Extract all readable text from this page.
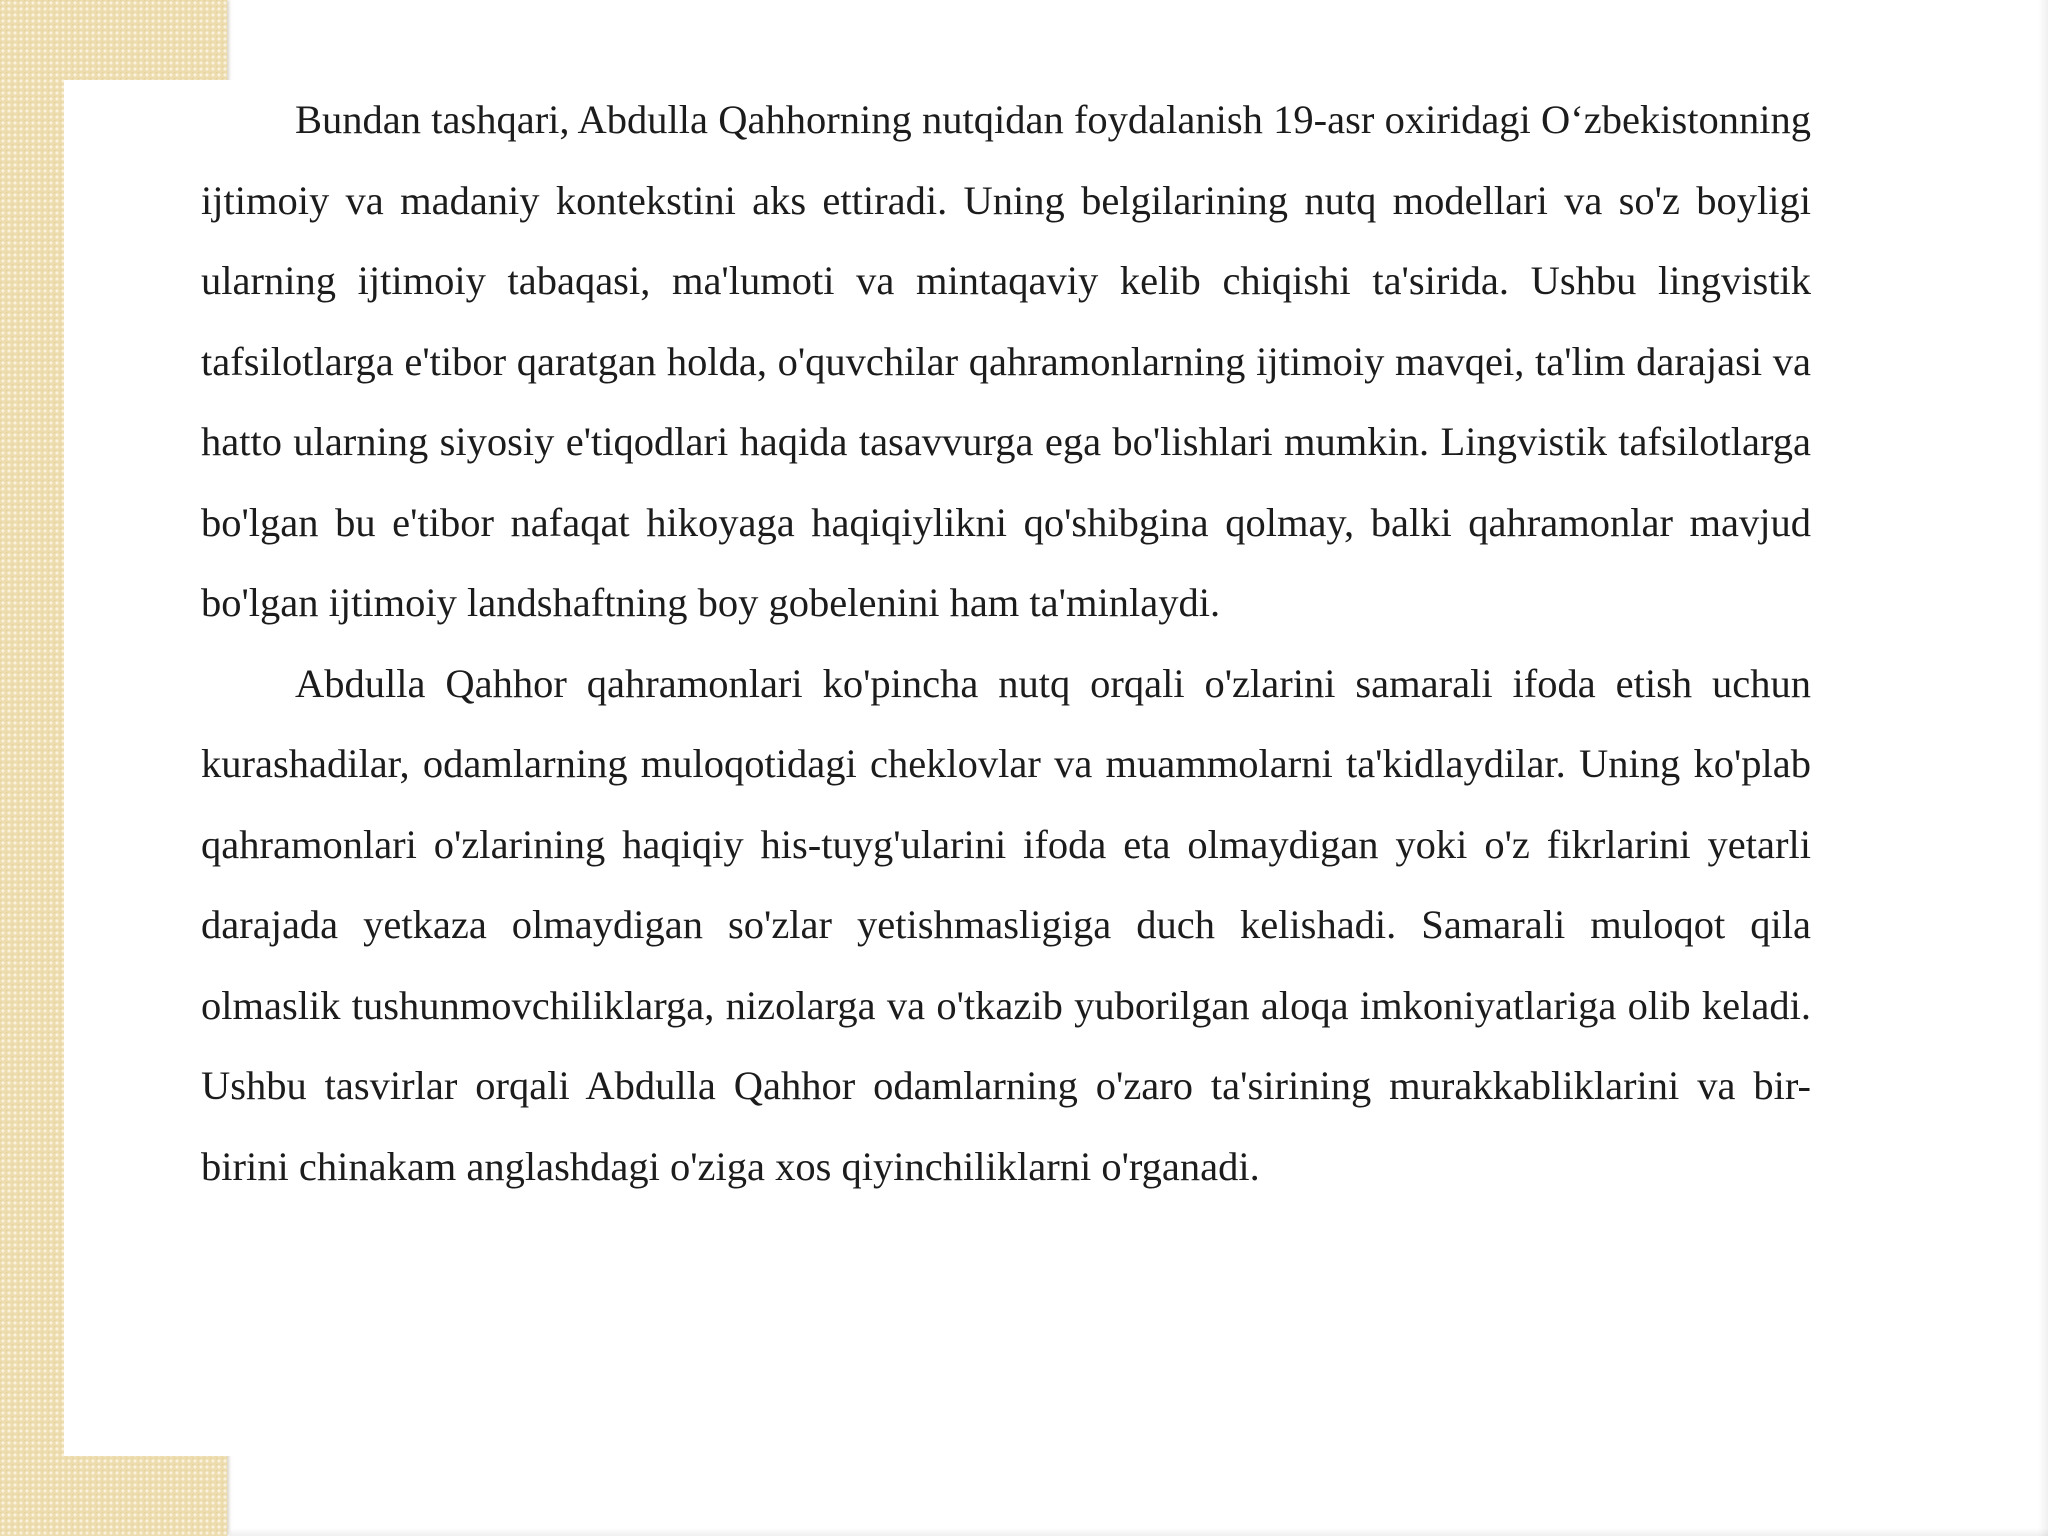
Bundan tashqari, Abdulla Qahhorning nutqidan foydalanish 19-asr oxiridagi O‘zbekistonning ijtimoiy va madaniy kontekstini aks ettiradi. Uning belgilarining nutq modellari va so'z boyligi ularning ijtimoiy tabaqasi, ma'lumoti va mintaqaviy kelib chiqishi ta'sirida. Ushbu lingvistik tafsilotlarga e'tibor qaratgan holda, o'quvchilar qahramonlarning ijtimoiy mavqei, ta'lim darajasi va hatto ularning siyosiy e'tiqodlari haqida tasavvurga ega bo'lishlari mumkin. Lingvistik tafsilotlarga bo'lgan bu e'tibor nafaqat hikoyaga haqiqiylikni qo'shibgina qolmay, balki qahramonlar mavjud bo'lgan ijtimoiy landshaftning boy gobelenini ham ta'minlaydi.

Abdulla Qahhor qahramonlari ko'pincha nutq orqali o'zlarini samarali ifoda etish uchun kurashadilar, odamlarning muloqotidagi cheklovlar va muammolarni ta'kidlaydilar. Uning ko'plab qahramonlari o'zlarining haqiqiy his-tuyg'ularini ifoda eta olmaydigan yoki o'z fikrlarini yetarli darajada yetkaza olmaydigan so'zlar yetishmasligiga duch kelishadi. Samarali muloqot qila olmaslik tushunmovchiliklarga, nizolarga va o'tkazib yuborilgan aloqa imkoniyatlariga olib keladi. Ushbu tasvirlar orqali Abdulla Qahhor odamlarning o'zaro ta'sirining murakkabliklarini va bir-birini chinakam anglashdagi o'ziga xos qiyinchiliklarni o'rganadi.
